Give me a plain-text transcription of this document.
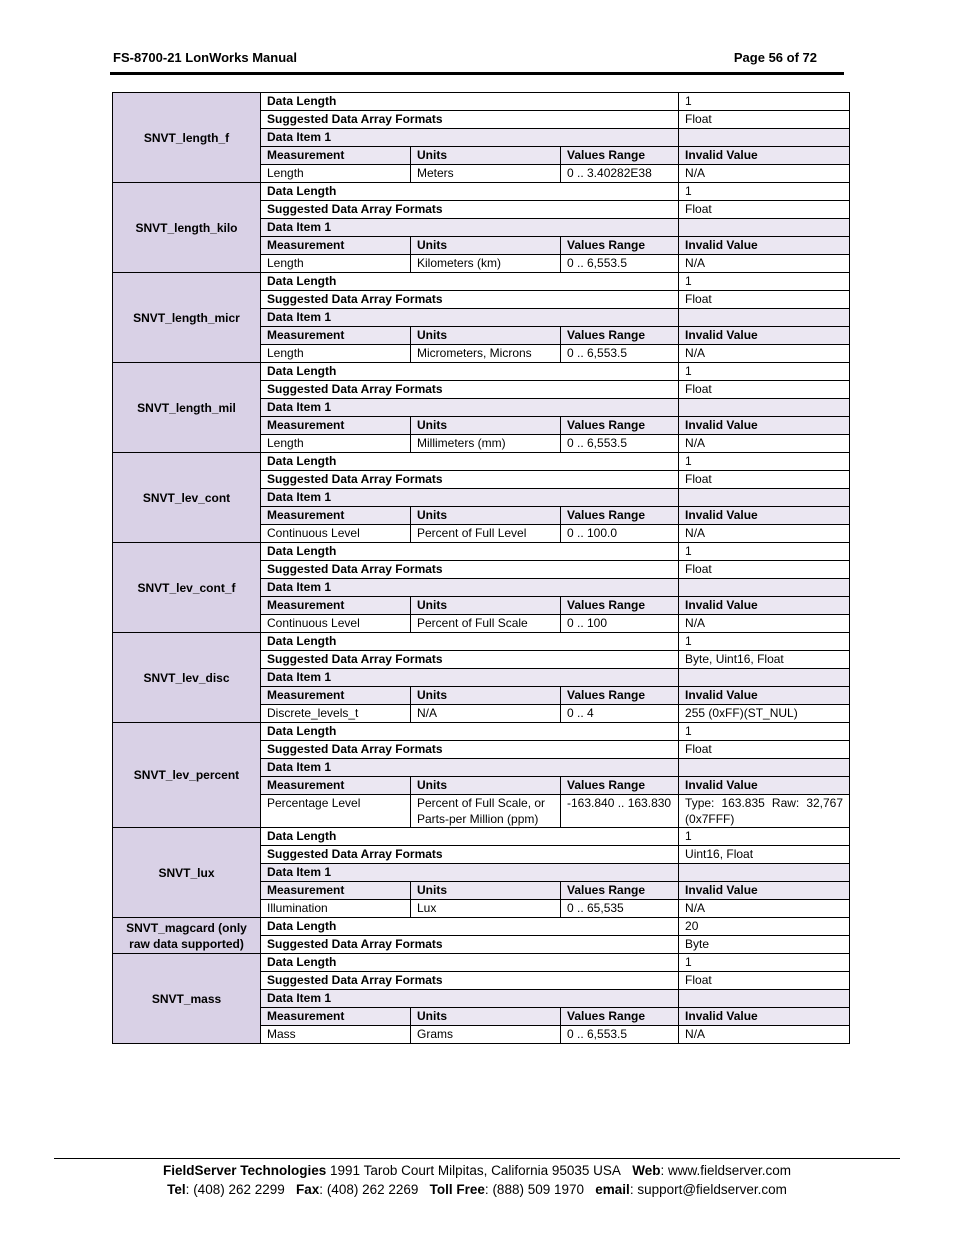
FS-8700-21 LonWorks Manual	Page 56 of 72
SNVT_length_f	Data Length			1
	Suggested Data Array Formats			Float
	Data Item 1			
	Measurement	Units	Values Range	Invalid Value
	Length	Meters	0 .. 3.40282E38	N/A
SNVT_length_kilo	Data Length			1
	Suggested Data Array Formats			Float
	Data Item 1			
	Measurement	Units	Values Range	Invalid Value
	Length	Kilometers (km)	0 .. 6,553.5	N/A
SNVT_length_micr	Data Length			1
	Suggested Data Array Formats			Float
	Data Item 1			
	Measurement	Units	Values Range	Invalid Value
	Length	Micrometers, Microns	0 .. 6,553.5	N/A
SNVT_length_mil	Data Length			1
	Suggested Data Array Formats			Float
	Data Item 1			
	Measurement	Units	Values Range	Invalid Value
	Length	Millimeters (mm)	0 .. 6,553.5	N/A
SNVT_lev_cont	Data Length			1
	Suggested Data Array Formats			Float
	Data Item 1			
	Measurement	Units	Values Range	Invalid Value
	Continuous Level	Percent of Full Level	0 .. 100.0	N/A
SNVT_lev_cont_f	Data Length			1
	Suggested Data Array Formats			Float
	Data Item 1			
	Measurement	Units	Values Range	Invalid Value
	Continuous Level	Percent of Full Scale	0 .. 100	N/A
SNVT_lev_disc	Data Length			1
	Suggested Data Array Formats			Byte, Uint16, Float
	Data Item 1			
	Measurement	Units	Values Range	Invalid Value
	Discrete_levels_t	N/A	0 .. 4	255 (0xFF)(ST_NUL)
SNVT_lev_percent	Data Length			1
	Suggested Data Array Formats			Float
	Data Item 1			
	Measurement	Units	Values Range	Invalid Value
	Percentage Level	Percent of Full Scale, or Parts-per Million (ppm)	-163.840 .. 163.830	Type: 163.835 Raw: 32,767 (0x7FFF)
SNVT_lux	Data Length			1
	Suggested Data Array Formats			Uint16, Float
	Data Item 1			
	Measurement	Units	Values Range	Invalid Value
	Illumination	Lux	0 .. 65,535	N/A
SNVT_magcard (only raw data supported)	Data Length			20
	Suggested Data Array Formats			Byte
SNVT_mass	Data Length			1
	Suggested Data Array Formats			Float
	Data Item 1			
	Measurement	Units	Values Range	Invalid Value
	Mass	Grams	0 .. 6,553.5	N/A
FieldServer Technologies 1991 Tarob Court Milpitas, California 95035 USA Web: www.fieldserver.com
Tel: (408) 262 2299 Fax: (408) 262 2269 Toll Free: (888) 509 1970 email: support@fieldserver.com
